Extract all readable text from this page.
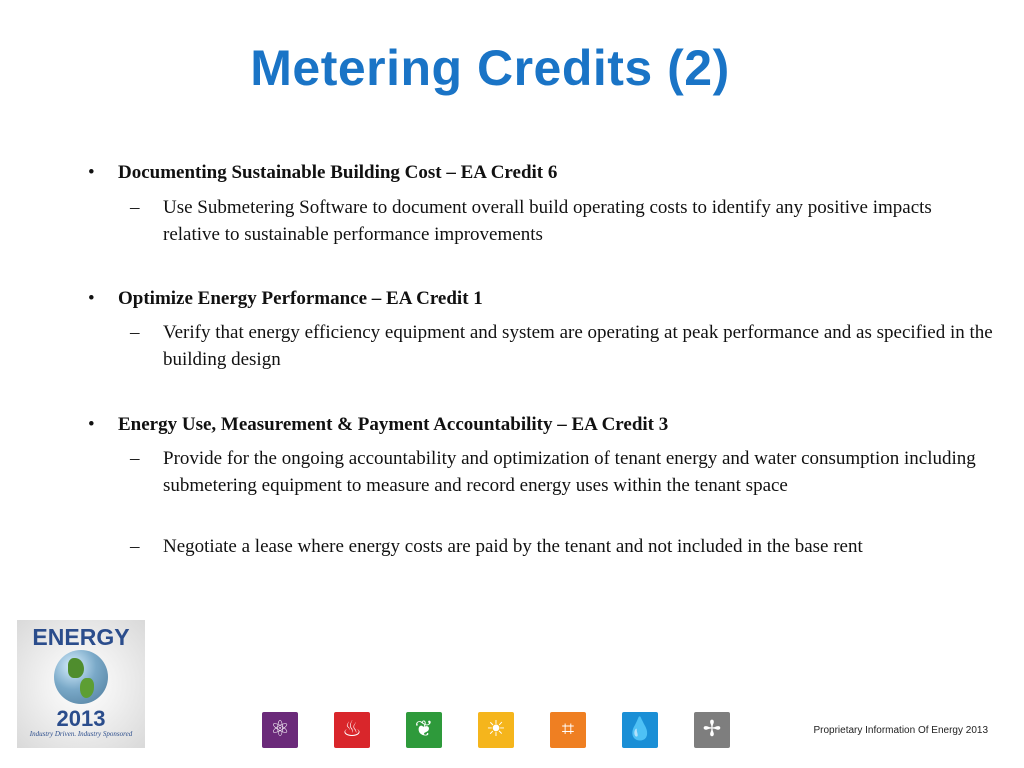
Metering Credits (2)
• Documenting Sustainable Building Cost – EA Credit 6
– Use Submetering Software to document overall build operating costs to identify any positive impacts relative to sustainable performance improvements
• Optimize Energy Performance – EA Credit 1
– Verify that energy efficiency equipment and system are operating at peak performance and as specified in the building design
• Energy Use, Measurement & Payment Accountability – EA Credit 3
– Provide for the ongoing accountability and optimization of tenant energy and water consumption including submetering equipment to measure and record energy uses within the tenant space
– Negotiate a lease where energy costs are paid by the tenant and not included in the base rent
ENERGY
2013
Industry Driven. Industry Sponsored	⚛	♨	❦	☀	⌗	💧	✢	Proprietary Information Of Energy 2013
